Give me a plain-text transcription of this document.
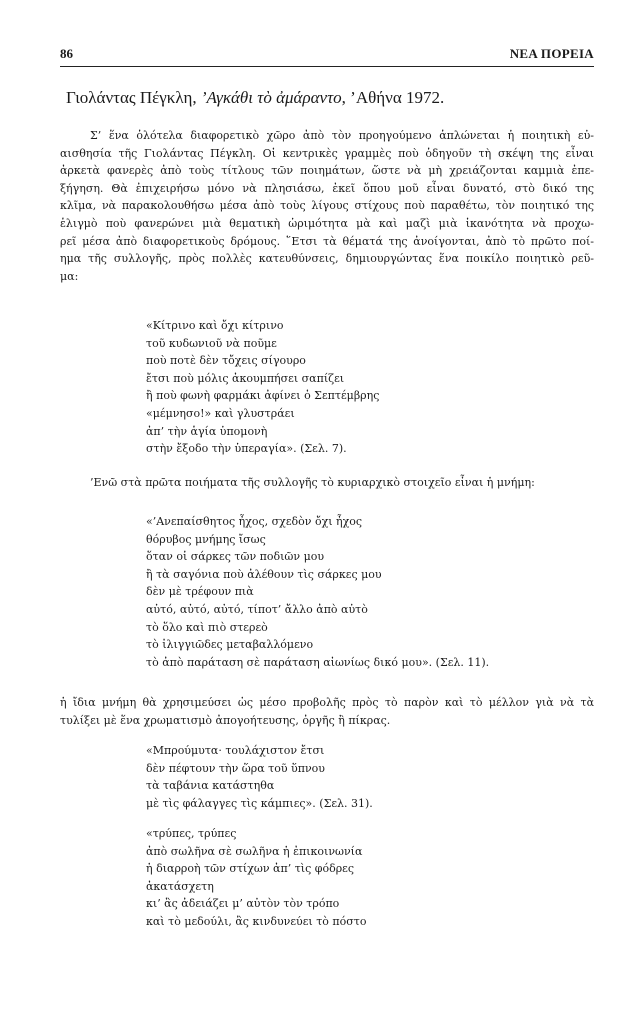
86	ΝΕΑ ΠΟΡΕΙΑ
Γιολάντας Πέγκλη, ’Αγκάθι τὸ ἀμάραντο, ’Αθήνα 1972.
Σ’ ἕνα ὁλότελα διαφορετικὸ χῶρο ἀπὸ τὸν προηγούμενο ἁπλώνεται ἡ ποιητικὴ εὐ-
αισθησία τῆς Γιολάντας Πέγκλη. Οἱ κεντρικὲς γραμμὲς ποὺ ὁδηγοῦν τὴ σκέψη της εἶναι
ἀρκετὰ φανερὲς ἀπὸ τοὺς τίτλους τῶν ποιημάτων, ὥστε νὰ μὴ χρειάζονται καμμιὰ ἐπε-
ξήγηση. Θὰ ἐπιχειρήσω μόνο νὰ πλησιάσω, ἐκεῖ ὅπου μοῦ εἶναι δυνατό, στὸ δικό της
κλῖμα, νὰ παρακολουθήσω μέσα ἀπὸ τοὺς λίγους στίχους ποὺ παραθέτω, τὸν ποιητικό της
ἑλιγμὸ ποὺ φανερώνει μιὰ θεματικὴ ὡριμότητα μὰ καὶ μαζὶ μιὰ ἱκανότητα νὰ προχω-
ρεῖ μέσα ἀπὸ διαφορετικοὺς δρόμους. ῞Ετσι τὰ θέματά της ἀνοίγονται, ἀπὸ τὸ πρῶτο ποί-
ημα τῆς συλλογῆς, πρὸς πολλὲς κατευθύνσεις, δημιουργώντας ἕνα ποικίλο ποιητικὸ ρεῦ-
μα:
«Κίτρινο καὶ ὄχι κίτρινο
τοῦ κυδωνιοῦ νὰ ποῦμε
ποὺ ποτὲ δὲν τὄχεις σίγουρο
ἔτσι ποὺ μόλις ἀκουμπήσει σαπίζει
ἢ ποὺ φωνὴ φαρμάκι ἀφίνει ὁ Σεπτέμβρης
«μέμνησο!» καὶ γλυστράει
ἀπ’ τὴν ἁγία ὑπομονὴ
στὴν ἔξοδο τὴν ὑπεραγία». (Σελ. 7).
’Ενῶ στὰ πρῶτα ποιήματα τῆς συλλογῆς τὸ κυριαρχικὸ στοιχεῖο εἶναι ἡ μνήμη:
«’Ανεπαίσθητος ἦχος, σχεδὸν ὄχι ἦχος
θόρυβος μνήμης ἴσως
ὅταν οἱ σάρκες τῶν ποδιῶν μου
ἢ τὰ σαγόνια ποὺ ἀλέθουν τὶς σάρκες μου
δὲν μὲ τρέφουν πιὰ
αὐτό, αὐτό, αὐτό, τίποτ’ ἄλλο ἀπὸ αὐτὸ
τὸ ὅλο καὶ πιὸ στερεὸ
τὸ ἰλιγγιῶδες μεταβαλλόμενο
τὸ ἀπὸ παράταση σὲ παράταση αἰωνίως δικό μου». (Σελ. 11).
ἡ ἴδια μνήμη θὰ χρησιμεύσει ὡς μέσο προβολῆς πρὸς τὸ παρὸν καὶ τὸ μέλλον γιὰ νὰ τὰ
τυλίξει μὲ ἕνα χρωματισμὸ ἀπογοήτευσης, ὀργῆς ἢ πίκρας.
«Μπρούμυτα· τουλάχιστον ἔτσι
δὲν πέφτουν τὴν ὥρα τοῦ ὕπνου
τὰ ταβάνια κατάστηθα
μὲ τὶς φάλαγγες τὶς κάμπιες». (Σελ. 31).
«τρύπες, τρύπες
ἀπὸ σωλῆνα σὲ σωλῆνα ἡ ἐπικοινωνία
ἡ διαρροὴ τῶν στίχων ἀπ’ τὶς φόδρες
ἀκατάσχετη
κι’ ἂς ἀδειάζει μ’ αὐτὸν τὸν τρόπο
καὶ τὸ μεδούλι, ἂς κινδυνεύει τὸ πόστο
